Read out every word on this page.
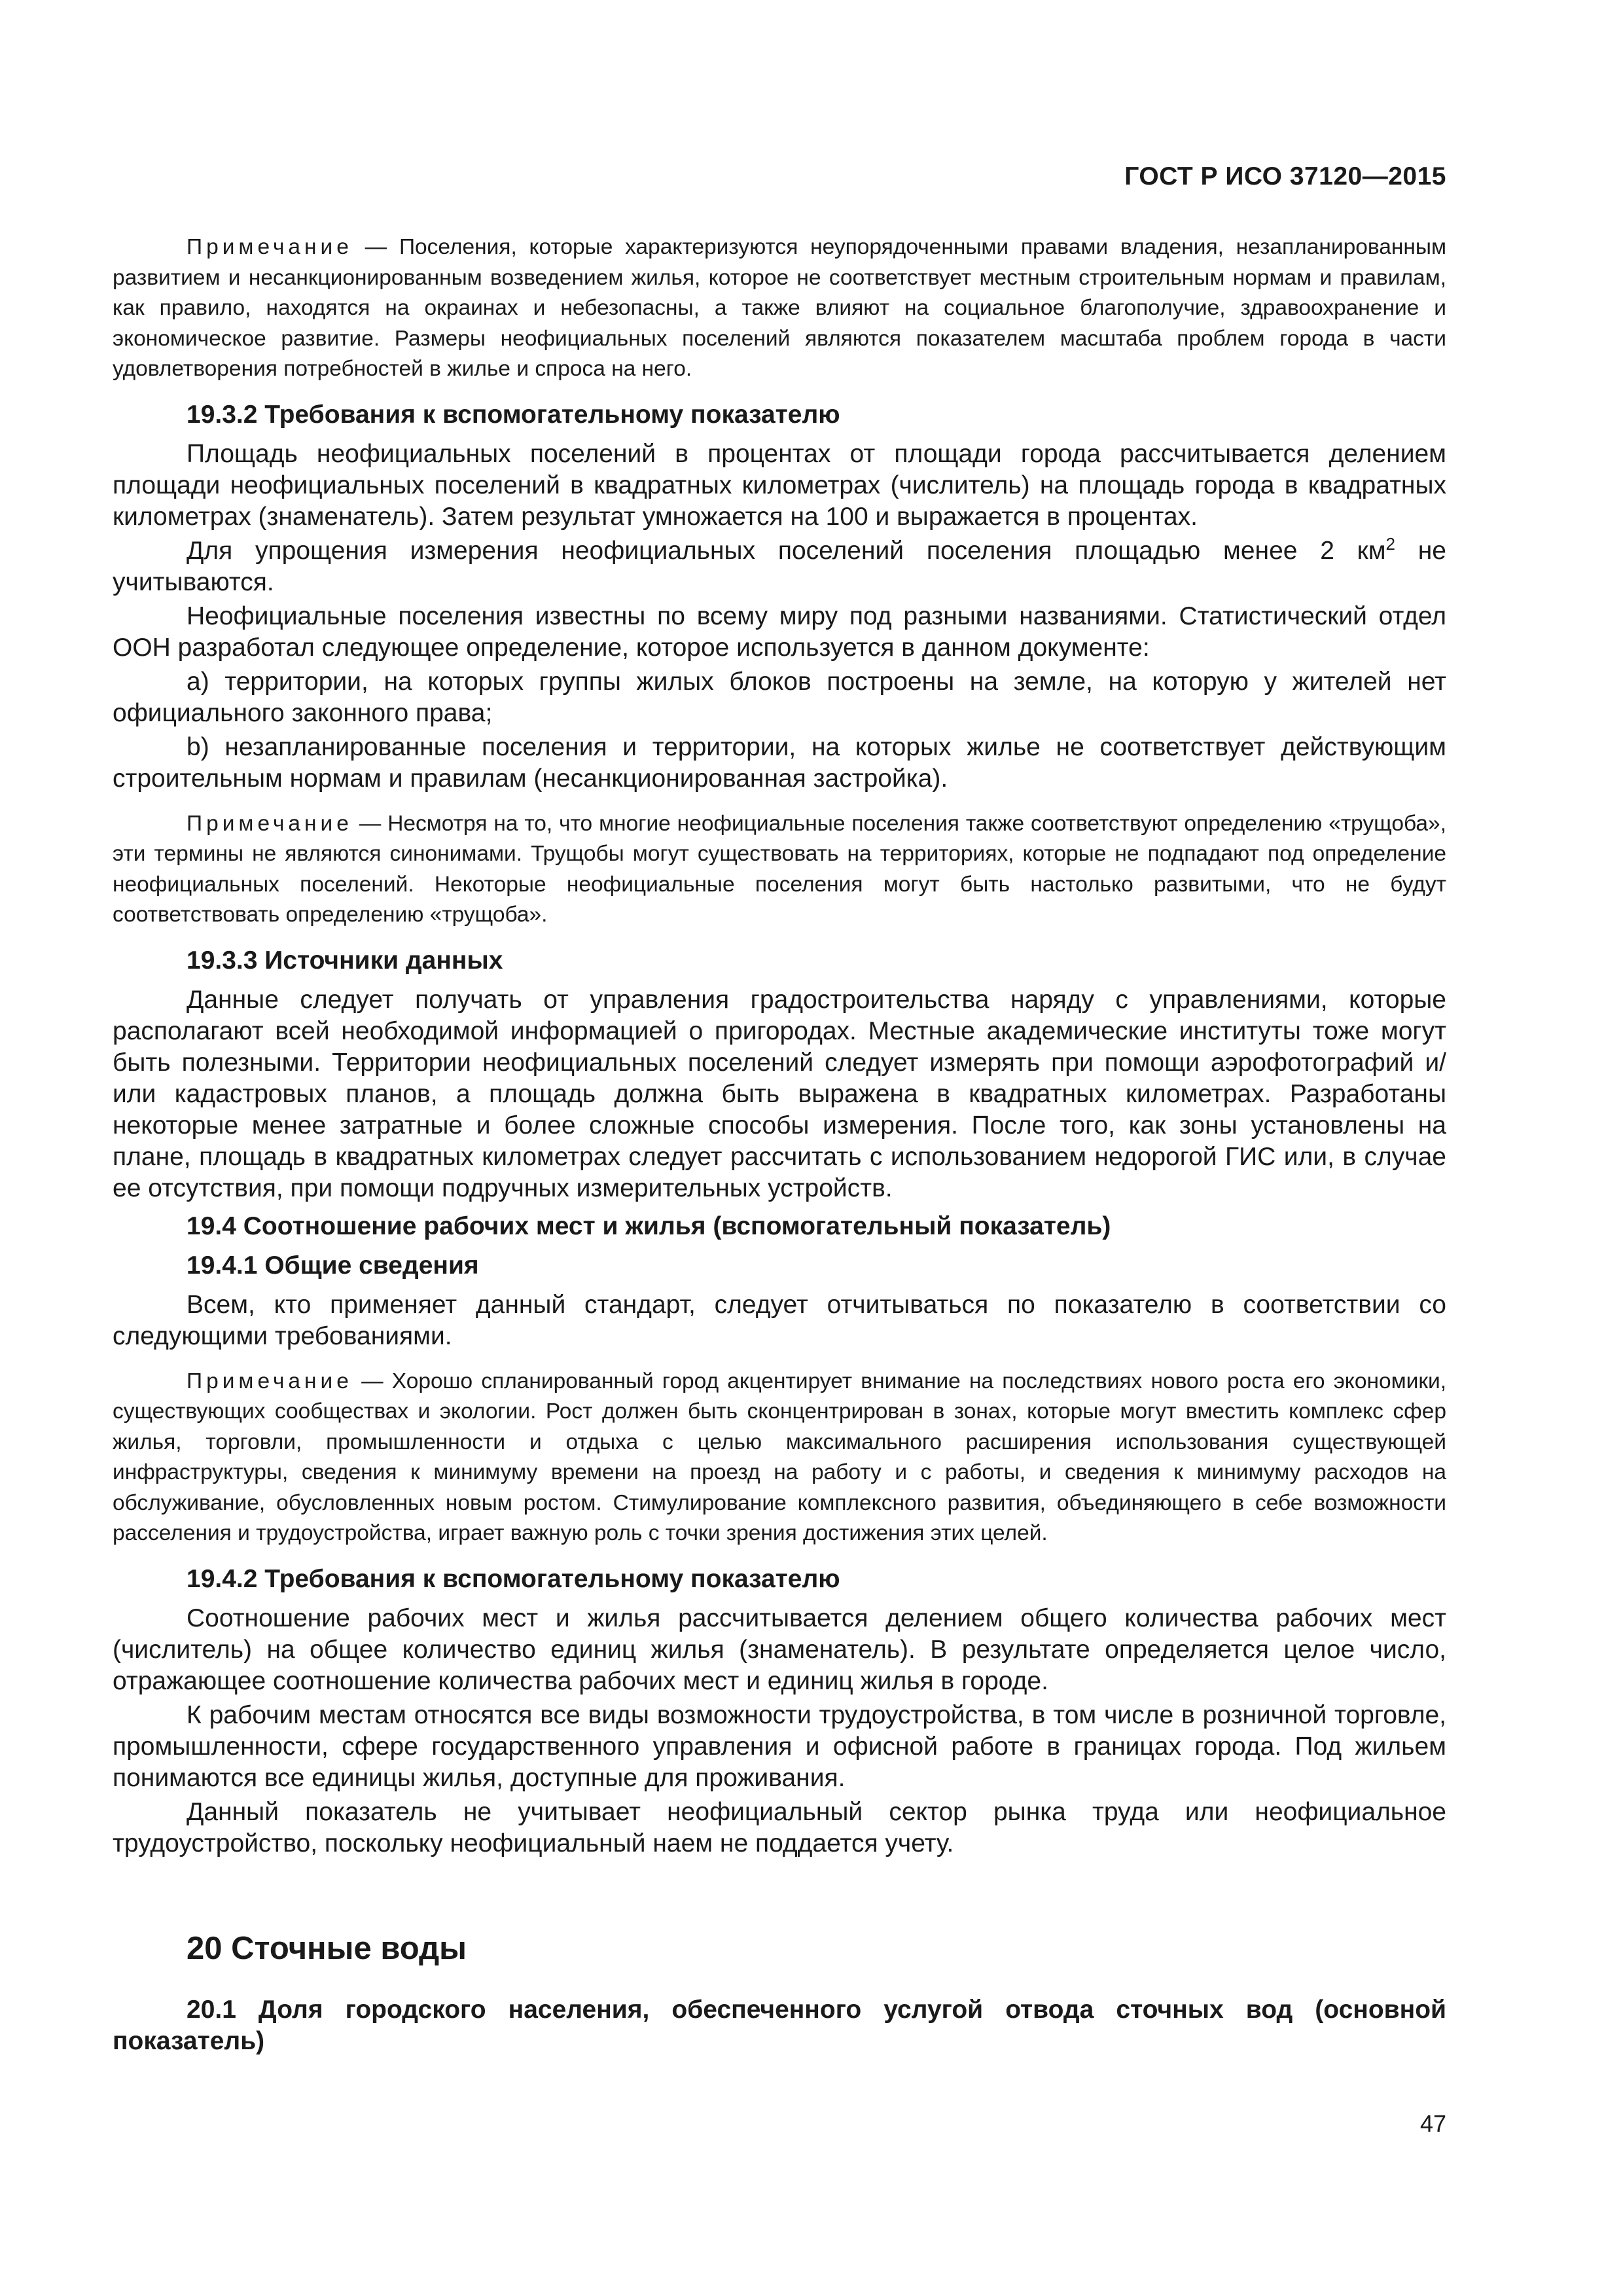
ГОСТ Р ИСО 37120—2015

Примечание — Поселения, которые характеризуются неупорядоченными правами владения, незапланированным развитием и несанкционированным возведением жилья, которое не соответствует местным строительным нормам и правилам, как правило, находятся на окраинах и небезопасны, а также влияют на социальное благополучие, здравоохранение и экономическое развитие. Размеры неофициальных поселений являются показателем масштаба проблем города в части удовлетворения потребностей в жилье и спроса на него.

19.3.2 Требования к вспомогательному показателю

Площадь неофициальных поселений в процентах от площади города рассчитывается делением площади неофициальных поселений в квадратных километрах (числитель) на площадь города в квадратных километрах (знаменатель). Затем результат умножается на 100 и выражается в процентах.

Для упрощения измерения неофициальных поселений поселения площадью менее 2 $км^2$ не учитываются.

Неофициальные поселения известны по всему миру под разными названиями. Статистический отдел ООН разработал следующее определение, которое используется в данном документе:

a) территории, на которых группы жилых блоков построены на земле, на которую у жителей нет официального законного права;

b) незапланированные поселения и территории, на которых жилье не соответствует действующим строительным нормам и правилам (несанкционированная застройка).

Примечание — Несмотря на то, что многие неофициальные поселения также соответствуют определению «трущоба», эти термины не являются синонимами. Трущобы могут существовать на территориях, которые не подпадают под определение неофициальных поселений. Некоторые неофициальные поселения могут быть настолько развитыми, что не будут соответствовать определению «трущоба».

19.3.3 Источники данных

Данные следует получать от управления градостроительства наряду с управлениями, которые располагают всей необходимой информацией о пригородах. Местные академические институты тоже могут быть полезными. Территории неофициальных поселений следует измерять при помощи аэрофотографий и/или кадастровых планов, а площадь должна быть выражена в квадратных километрах. Разработаны некоторые менее затратные и более сложные способы измерения. После того, как зоны установлены на плане, площадь в квадратных километрах следует рассчитать с использованием недорогой ГИС или, в случае ее отсутствия, при помощи подручных измерительных устройств.

19.4 Соотношение рабочих мест и жилья (вспомогательный показатель)
19.4.1 Общие сведения

Всем, кто применяет данный стандарт, следует отчитываться по показателю в соответствии со следующими требованиями.

Примечание — Хорошо спланированный город акцентирует внимание на последствиях нового роста его экономики, существующих сообществах и экологии. Рост должен быть сконцентрирован в зонах, которые могут вместить комплекс сфер жилья, торговли, промышленности и отдыха с целью максимального расширения использования существующей инфраструктуры, сведения к минимуму времени на проезд на работу и с работы, и сведения к минимуму расходов на обслуживание, обусловленных новым ростом. Стимулирование комплексного развития, объединяющего в себе возможности расселения и трудоустройства, играет важную роль с точки зрения достижения этих целей.

19.4.2 Требования к вспомогательному показателю

Соотношение рабочих мест и жилья рассчитывается делением общего количества рабочих мест (числитель) на общее количество единиц жилья (знаменатель). В результате определяется целое число, отражающее соотношение количества рабочих мест и единиц жилья в городе.

К рабочим местам относятся все виды возможности трудоустройства, в том числе в розничной торговле, промышленности, сфере государственного управления и офисной работе в границах города. Под жильем понимаются все единицы жилья, доступные для проживания.

Данный показатель не учитывает неофициальный сектор рынка труда или неофициальное трудоустройство, поскольку неофициальный наем не поддается учету.

20 Сточные воды

20.1 Доля городского населения, обеспеченного услугой отвода сточных вод (основной показатель)

47
